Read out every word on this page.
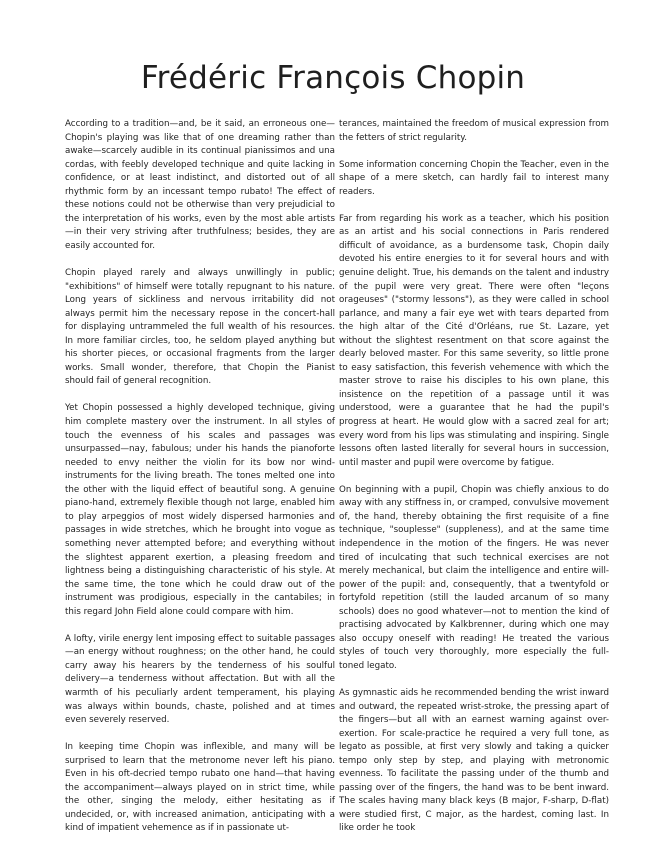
Frédéric François Chopin

According to a tradition—and, be it said, an erroneous one—Chopin's playing was like that of one dreaming rather than awake—scarcely audible in its continual pianissimos and una cordas, with feebly developed technique and quite lacking in confidence, or at least indistinct, and distorted out of all rhythmic form by an incessant tempo rubato! The effect of these notions could not be otherwise than very prejudicial to the interpretation of his works, even by the most able artists—in their very striving after truthfulness; besides, they are easily accounted for.

Chopin played rarely and always unwillingly in public; "exhibitions" of himself were totally repugnant to his nature. Long years of sickliness and nervous irritability did not always permit him the necessary repose in the concert-hall for displaying untrammeled the full wealth of his resources. In more familiar circles, too, he seldom played anything but his shorter pieces, or occasional fragments from the larger works. Small wonder, therefore, that Chopin the Pianist should fail of general recognition.

Yet Chopin possessed a highly developed technique, giving him complete mastery over the instrument. In all styles of touch the evenness of his scales and passages was unsurpassed—nay, fabulous; under his hands the pianoforte needed to envy neither the violin for its bow nor wind-instruments for the living breath. The tones melted one into the other with the liquid effect of beautiful song. A genuine piano-hand, extremely flexible though not large, enabled him to play arpeggios of most widely dispersed harmonies and passages in wide stretches, which he brought into vogue as something never attempted before; and everything without the slightest apparent exertion, a pleasing freedom and lightness being a distinguishing characteristic of his style. At the same time, the tone which he could draw out of the instrument was prodigious, especially in the cantabiles; in this regard John Field alone could compare with him.

A lofty, virile energy lent imposing effect to suitable passages—an energy without roughness; on the other hand, he could carry away his hearers by the tenderness of his soulful delivery—a tenderness without affectation. But with all the warmth of his peculiarly ardent temperament, his playing was always within bounds, chaste, polished and at times even severely reserved.

In keeping time Chopin was inflexible, and many will be surprised to learn that the metronome never left his piano. Even in his oft-decried tempo rubato one hand—that having the accompaniment—always played on in strict time, while the other, singing the melody, either hesitating as if undecided, or, with increased animation, anticipating with a kind of impatient vehemence as if in passionate ut-

terances, maintained the freedom of musical expression from the fetters of strict regularity.

Some information concerning Chopin the Teacher, even in the shape of a mere sketch, can hardly fail to interest many readers.

Far from regarding his work as a teacher, which his position as an artist and his social connections in Paris rendered difficult of avoidance, as a burdensome task, Chopin daily devoted his entire energies to it for several hours and with genuine delight. True, his demands on the talent and industry of the pupil were very great. There were often "leçons orageuses" ("stormy lessons"), as they were called in school parlance, and many a fair eye wet with tears departed from the high altar of the Cité d'Orléans, rue St. Lazare, yet without the slightest resentment on that score against the dearly beloved master. For this same severity, so little prone to easy satisfaction, this feverish vehemence with which the master strove to raise his disciples to his own plane, this insistence on the repetition of a passage until it was understood, were a guarantee that he had the pupil's progress at heart. He would glow with a sacred zeal for art; every word from his lips was stimulating and inspiring. Single lessons often lasted literally for several hours in succession, until master and pupil were overcome by fatigue.

On beginning with a pupil, Chopin was chiefly anxious to do away with any stiffness in, or cramped, convulsive movement of, the hand, thereby obtaining the first requisite of a fine technique, "souplesse" (suppleness), and at the same time independence in the motion of the fingers. He was never tired of inculcating that such technical exercises are not merely mechanical, but claim the intelligence and entire will-power of the pupil: and, consequently, that a twentyfold or fortyfold repetition (still the lauded arcanum of so many schools) does no good whatever—not to mention the kind of practising advocated by Kalkbrenner, during which one may also occupy oneself with reading! He treated the various styles of touch very thoroughly, more especially the full-toned legato.

As gymnastic aids he recommended bending the wrist inward and outward, the repeated wrist-stroke, the pressing apart of the fingers—but all with an earnest warning against over-exertion. For scale-practice he required a very full tone, as legato as possible, at first very slowly and taking a quicker tempo only step by step, and playing with metronomic evenness. To facilitate the passing under of the thumb and passing over of the fingers, the hand was to be bent inward. The scales having many black keys (B major, F-sharp, D-flat) were studied first, C major, as the hardest, coming last. In like order he took
